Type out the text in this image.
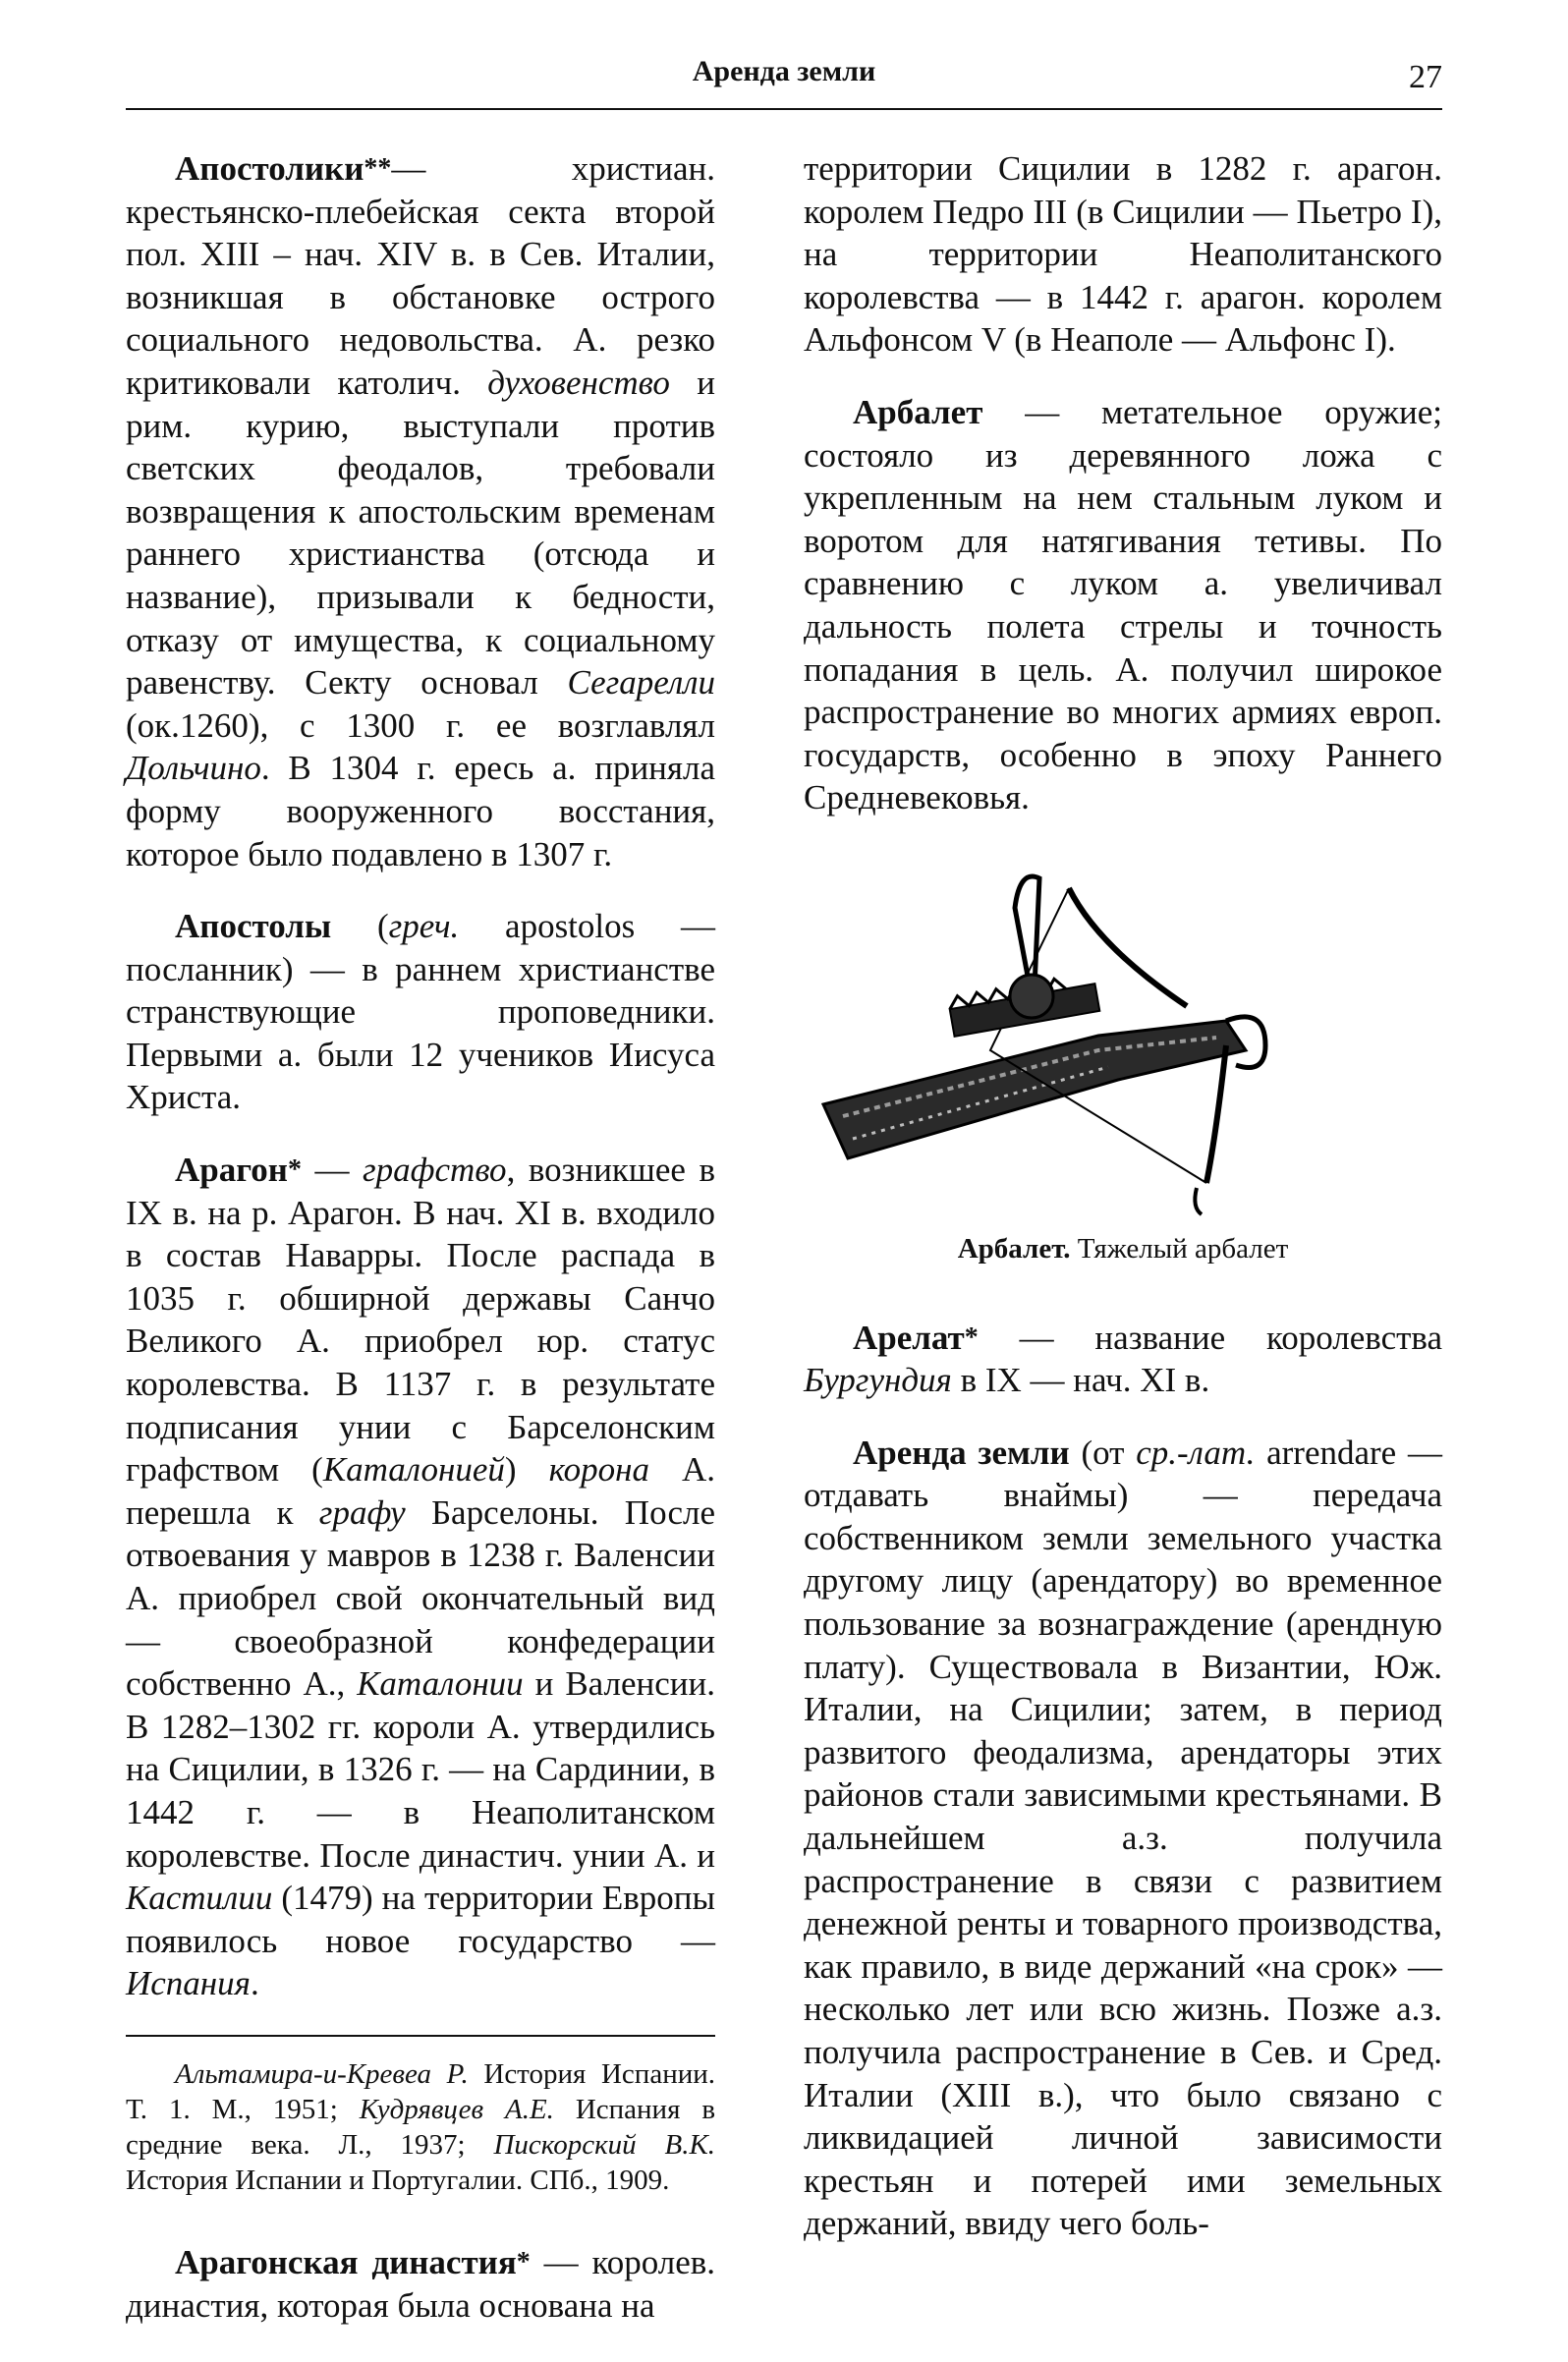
Аренда земли	27

Апостолики**— христиан. крестьянско-плебейская секта второй пол. XIII – нач. XIV в. в Сев. Италии, возникшая в обстановке острого социального недовольства. А. резко критиковали католич. духовенство и рим. курию, выступали против светских феодалов, требовали возвращения к апостольским временам раннего христианства (отсюда и название), призывали к бедности, отказу от имущества, к социальному равенству. Секту основал Сегарелли (ок.1260), с 1300 г. ее возглавлял Дольчино. В 1304 г. ересь а. приняла форму вооруженного восстания, которое было подавлено в 1307 г.

Апостолы (греч. apostolos — посланник) — в раннем христианстве странствующие проповедники. Первыми а. были 12 учеников Иисуса Христа.

Арагон* — графство, возникшее в IX в. на р. Арагон. В нач. XI в. входило в состав Наварры. После распада в 1035 г. обширной державы Санчо Великого А. приобрел юр. статус королевства. В 1137 г. в результате подписания унии с Барселонским графством (Каталонией) корона А. перешла к графу Барселоны. После отвоевания у мавров в 1238 г. Валенсии А. приобрел свой окончательный вид — своеобразной конфедерации собственно А., Каталонии и Валенсии. В 1282–1302 гг. короли А. утвердились на Сицилии, в 1326 г. — на Сардинии, в 1442 г. — в Неаполитанском королевстве. После династич. унии А. и Кастилии (1479) на территории Европы появилось новое государство — Испания.

Альтамира-и-Кревеа Р. История Испании. Т. 1. М., 1951; Кудрявцев А.Е. Испания в средние века. Л., 1937; Пискорский В.К. История Испании и Португалии. СПб., 1909.

Арагонская династия* — королев. династия, которая была основана на

территории Сицилии в 1282 г. арагон. королем Педро III (в Сицилии — Пьетро I), на территории Неаполитанского королевства — в 1442 г. арагон. королем Альфонсом V (в Неаполе — Альфонс I).

Арбалет — метательное оружие; состояло из деревянного ложа с укрепленным на нем стальным луком и воротом для натягивания тетивы. По сравнению с луком а. увеличивал дальность полета стрелы и точность попадания в цель. А. получил широкое распространение во многих армиях европ. государств, особенно в эпоху Раннего Средневековья.

Арбалет. Тяжелый арбалет

Арелат* — название королевства Бургундия в IX — нач. XI в.

Аренда земли (от ср.-лат. arrendare — отдавать внаймы) — передача собственником земли земельного участка другому лицу (арендатору) во временное пользование за вознаграждение (арендную плату). Существовала в Византии, Юж. Италии, на Сицилии; затем, в период развитого феодализма, арендаторы этих районов стали зависимыми крестьянами. В дальнейшем а.з. получила распространение в связи с развитием денежной ренты и товарного производства, как правило, в виде держаний «на срок» — несколько лет или всю жизнь. Позже а.з. получила распространение в Сев. и Сред. Италии (XIII в.), что было связано с ликвидацией личной зависимости крестьян и потерей ими земельных держаний, ввиду чего боль-
